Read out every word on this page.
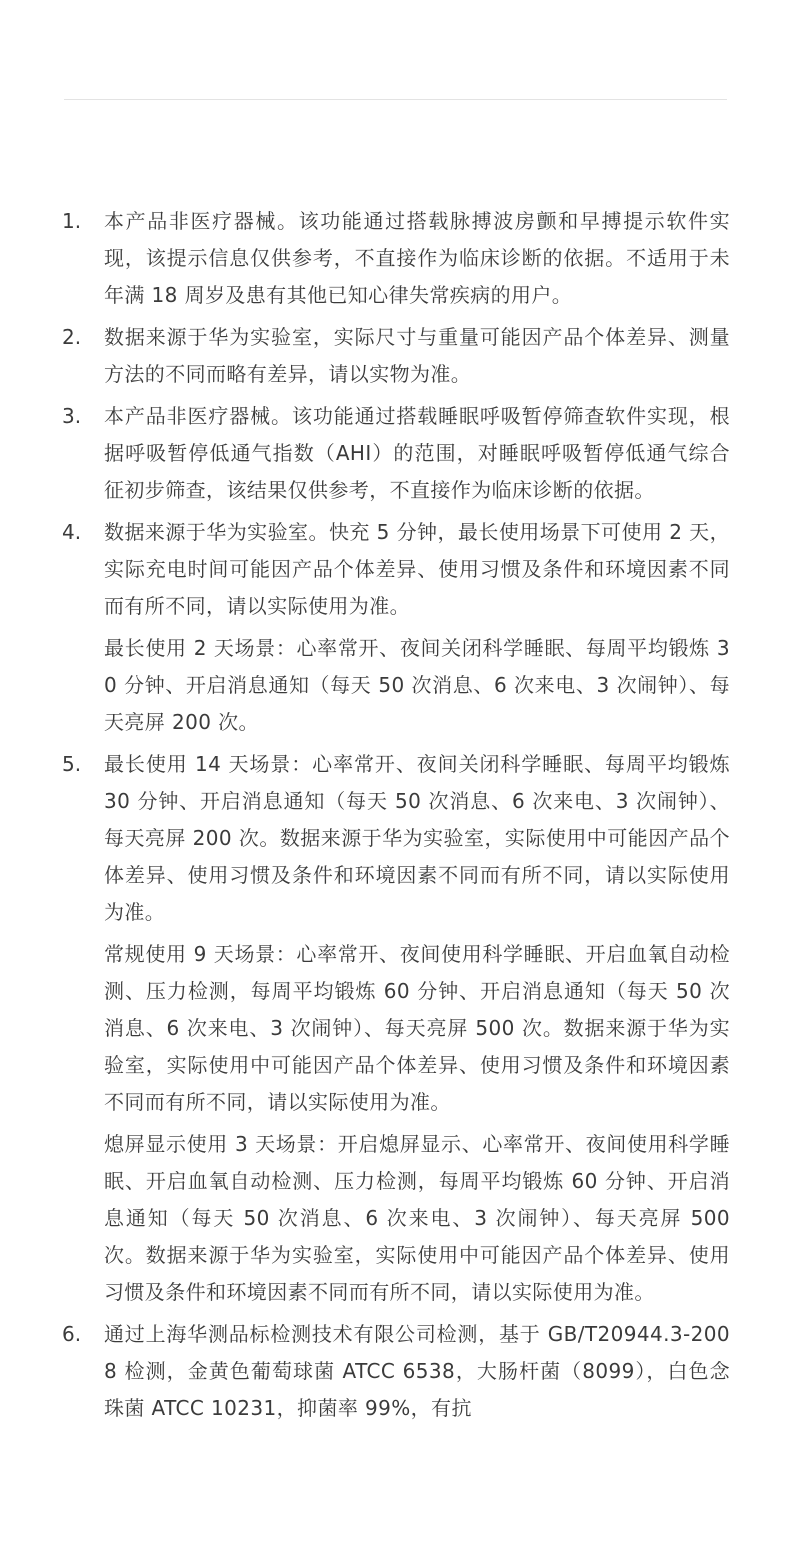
1. 本产品非医疗器械。该功能通过搭载脉搏波房颤和早搏提示软件实现，该提示信息仅供参考，不直接作为临床诊断的依据。不适用于未年满 18 周岁及患有其他已知心律失常疾病的用户。

2. 数据来源于华为实验室，实际尺寸与重量可能因产品个体差异、测量方法的不同而略有差异，请以实物为准。

3. 本产品非医疗器械。该功能通过搭载睡眠呼吸暂停筛查软件实现，根据呼吸暂停低通气指数（AHI）的范围，对睡眠呼吸暂停低通气综合征初步筛查，该结果仅供参考，不直接作为临床诊断的依据。

4. 数据来源于华为实验室。快充 5 分钟，最长使用场景下可使用 2 天，实际充电时间可能因产品个体差异、使用习惯及条件和环境因素不同而有所不同，请以实际使用为准。

最长使用 2 天场景：心率常开、夜间关闭科学睡眠、每周平均锻炼 30 分钟、开启消息通知（每天 50 次消息、6 次来电、3 次闹钟）、每天亮屏 200 次。

5. 最长使用 14 天场景：心率常开、夜间关闭科学睡眠、每周平均锻炼 30 分钟、开启消息通知（每天 50 次消息、6 次来电、3 次闹钟）、每天亮屏 200 次。数据来源于华为实验室，实际使用中可能因产品个体差异、使用习惯及条件和环境因素不同而有所不同，请以实际使用为准。

常规使用 9 天场景：心率常开、夜间使用科学睡眠、开启血氧自动检测、压力检测，每周平均锻炼 60 分钟、开启消息通知（每天 50 次消息、6 次来电、3 次闹钟）、每天亮屏 500 次。数据来源于华为实验室，实际使用中可能因产品个体差异、使用习惯及条件和环境因素不同而有所不同，请以实际使用为准。

熄屏显示使用 3 天场景：开启熄屏显示、心率常开、夜间使用科学睡眠、开启血氧自动检测、压力检测，每周平均锻炼 60 分钟、开启消息通知（每天 50 次消息、6 次来电、3 次闹钟）、每天亮屏 500 次。数据来源于华为实验室，实际使用中可能因产品个体差异、使用习惯及条件和环境因素不同而有所不同，请以实际使用为准。

6. 通过上海华测品标检测技术有限公司检测，基于 GB/T20944.3-2008 检测，金黄色葡萄球菌 ATCC 6538，大肠杆菌（8099），白色念珠菌 ATCC 10231，抑菌率 99%，有抗
